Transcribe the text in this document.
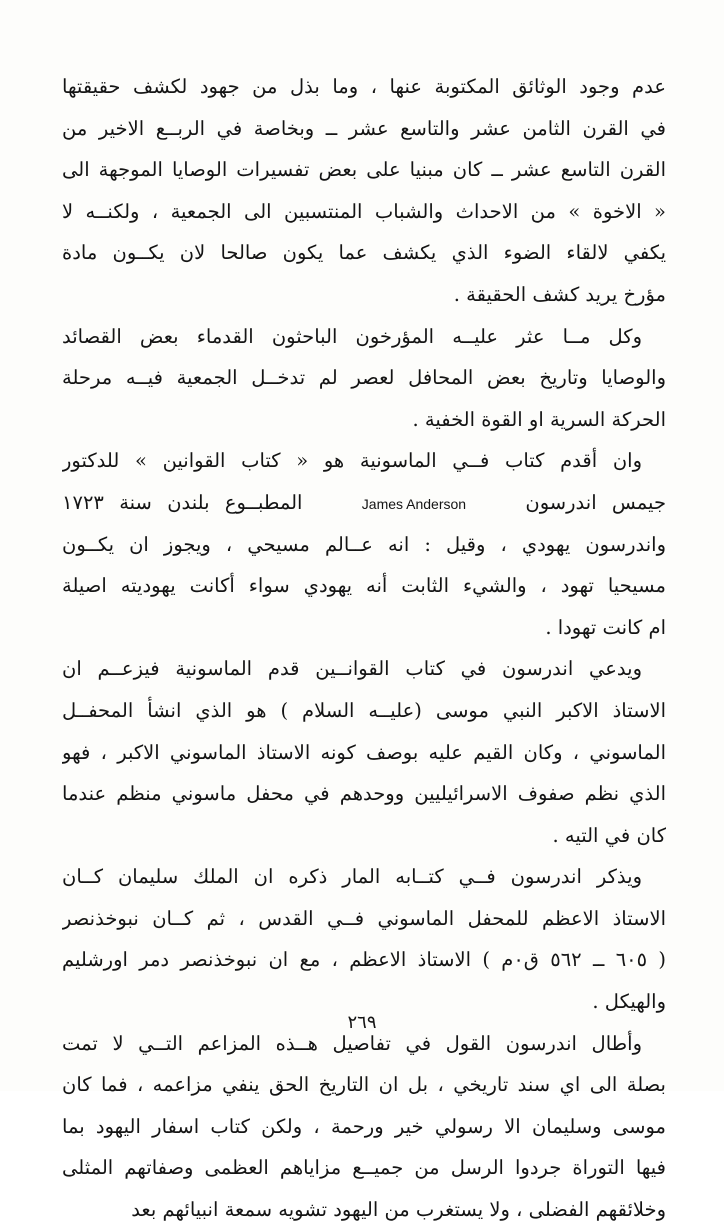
عدم وجود الوثائق المكتوبة عنها ، وما بذل من جهود لكشف حقيقتها
في القرن الثامن عشر والتاسع عشر ــ وبخاصة في الربــع الاخير من
القرن التاسع عشر ــ كان مبنيا على بعض تفسيرات الوصايا الموجهة الى
« الاخوة » من الاحداث والشباب المنتسبين الى الجمعية ، ولكنــه لا
يكفي لالقاء الضوء الذي يكشف عما يكون صالحا لان يكــون مادة
مؤرخ يريد كشف الحقيقة .
وكل مــا عثر عليــه المؤرخون الباحثون القدماء بعض القصائد
والوصايا وتاريخ بعض المحافل لعصر لم تدخــل الجمعية فيــه مرحلة
الحركة السرية او القوة الخفية .
وان أقدم كتاب فــي الماسونية هو « كتاب القوانين » للدكتور
جيمس اندرسون James Anderson المطبــوع بلندن سنة ١٧٢٣
واندرسون يهودي ، وقيل : انه عــالم مسيحي ، ويجوز ان يكــون
مسيحيا تهود ، والشيء الثابت أنه يهودي سواء أكانت يهوديته اصيلة
ام كانت تهودا .
ويدعي اندرسون في كتاب القوانــين قدم الماسونية فيزعــم ان
الاستاذ الاكبر النبي موسى (عليــه السلام ) هو الذي انشأ المحفــل
الماسوني ، وكان القيم عليه بوصف كونه الاستاذ الماسوني الاكبر ، فهو
الذي نظم صفوف الاسرائيليين ووحدهم في محفل ماسوني منظم عندما
كان في التيه .
ويذكر اندرسون فــي كتــابه المار ذكره ان الملك سليمان كــان
الاستاذ الاعظم للمحفل الماسوني فــي القدس ، ثم كــان نبوخذنصر
( ٦٠٥ ــ ٥٦٢ ق٠م ) الاستاذ الاعظم ، مع ان نبوخذنصر دمر اورشليم
والهيكل .
وأطال اندرسون القول في تفاصيل هــذه المزاعم التــي لا تمت
بصلة الى اي سند تاريخي ، بل ان التاريخ الحق ينفي مزاعمه ، فما كان
موسى وسليمان الا رسولي خير ورحمة ، ولكن كتاب اسفار اليهود بما
فيها التوراة جردوا الرسل من جميــع مزاياهم العظمى وصفاتهم المثلى
وخلائقهم الفضلى ، ولا يستغرب من اليهود تشويه سمعة انبيائهم بعد
٢٦٩
